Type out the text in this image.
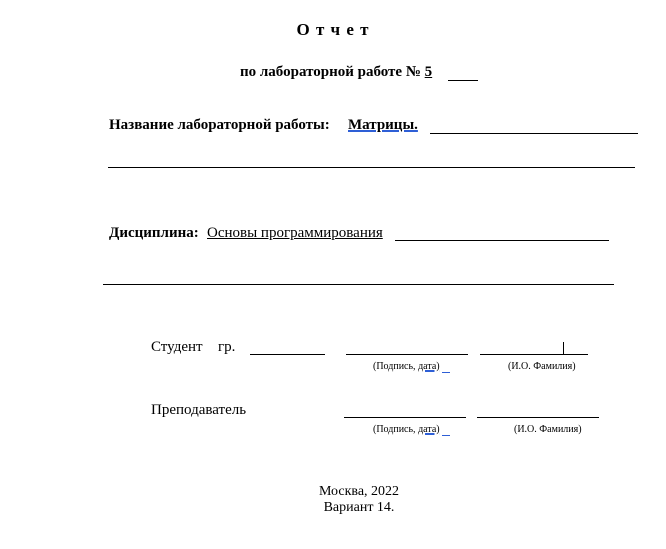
О т ч е т
по лабораторной работе № 5
Название лабораторной работы: Матрицы.
Дисциплина: Основы программирования
Студент гр.
(Подпись, дата)	(И.О. Фамилия)
Преподаватель
(Подпись, дата)	(И.О. Фамилия)
Москва, 2022
Вариант 14.
